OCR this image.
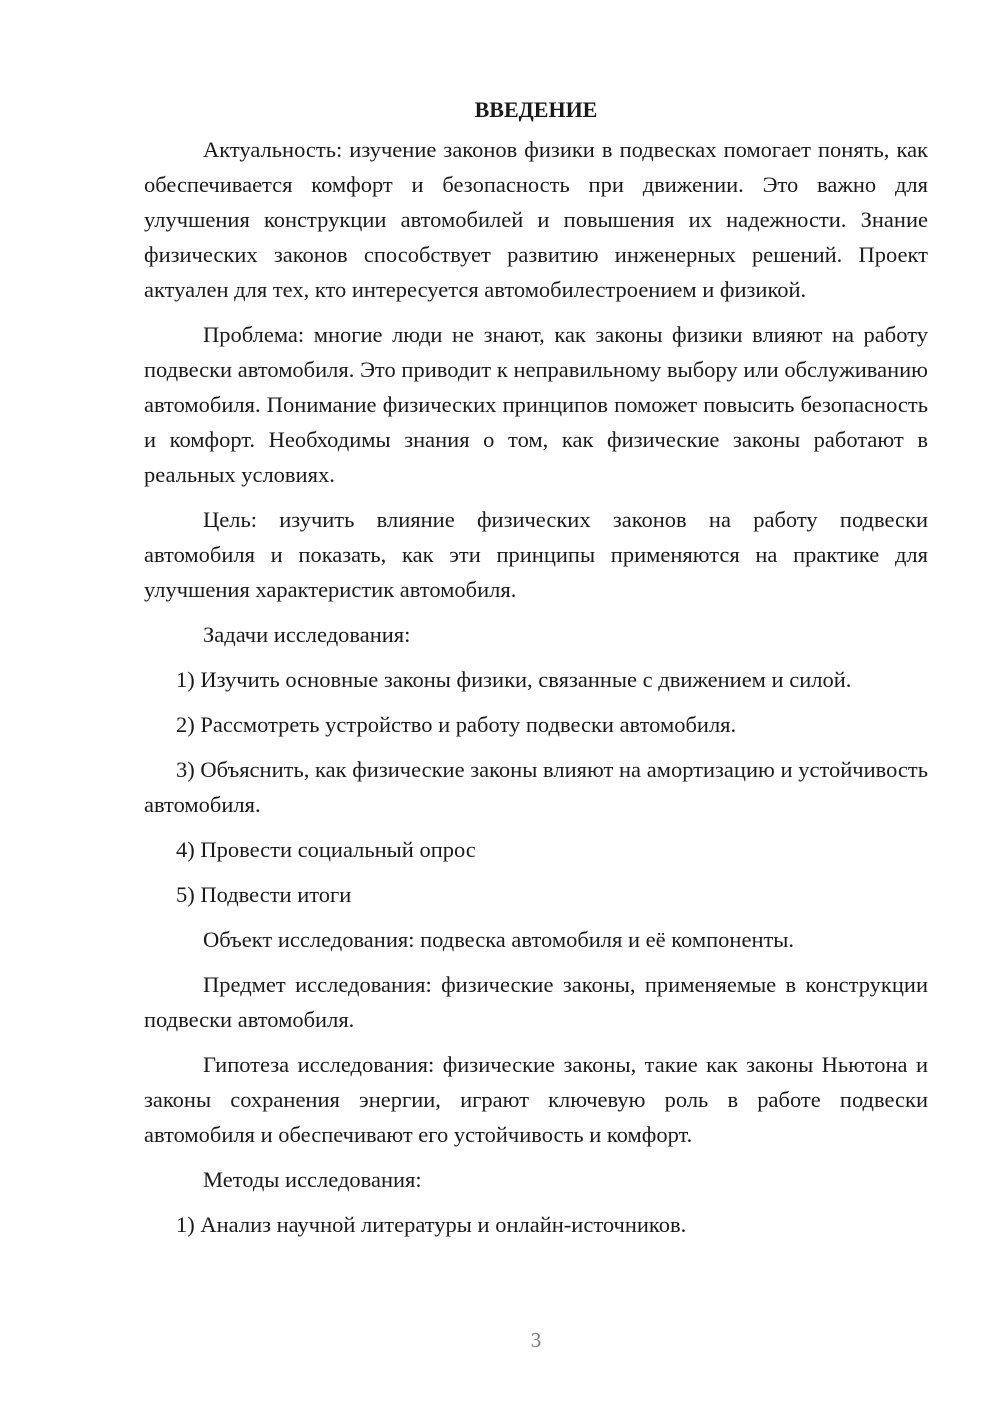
ВВЕДЕНИЕ

Актуальность: изучение законов физики в подвесках помогает понять, как обеспечивается комфорт и безопасность при движении. Это важно для улучшения конструкции автомобилей и повышения их надежности. Знание физических законов способствует развитию инженерных решений. Проект актуален для тех, кто интересуется автомобилестроением и физикой.

Проблема: многие люди не знают, как законы физики влияют на работу подвески автомобиля. Это приводит к неправильному выбору или обслуживанию автомобиля. Понимание физических принципов поможет повысить безопасность и комфорт. Необходимы знания о том, как физические законы работают в реальных условиях.

Цель: изучить влияние физических законов на работу подвески автомобиля и показать, как эти принципы применяются на практике для улучшения характеристик автомобиля.

Задачи исследования:

1) Изучить основные законы физики, связанные с движением и силой.

2) Рассмотреть устройство и работу подвески автомобиля.

3) Объяснить, как физические законы влияют на амортизацию и устойчивость автомобиля.

4) Провести социальный опрос

5) Подвести итоги

Объект исследования: подвеска автомобиля и её компоненты.

Предмет исследования: физические законы, применяемые в конструкции подвески автомобиля.

Гипотеза исследования: физические законы, такие как законы Ньютона и законы сохранения энергии, играют ключевую роль в работе подвески автомобиля и обеспечивают его устойчивость и комфорт.

Методы исследования:

1) Анализ научной литературы и онлайн-источников.

3
